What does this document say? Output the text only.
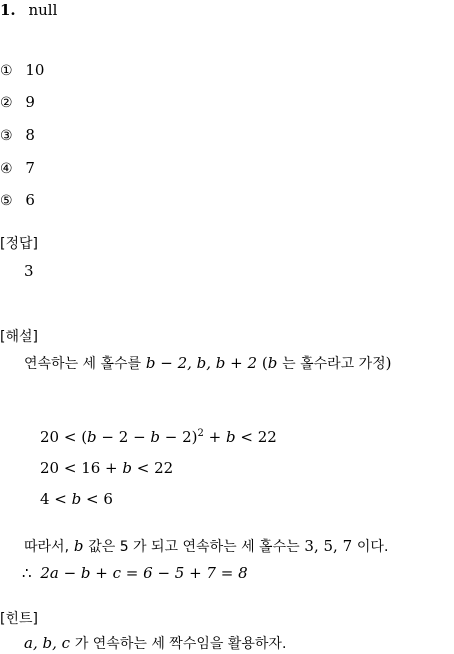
1. null
① 10
② 9
③ 8
④ 7
⑤ 6
[정답]
3
[해설]
연속하는 세 홀수를 b − 2, b, b + 2 (b 는 홀수라고 가정)
$20 < (b - 2 - b - 2)^2 + b < 22$
20 < 16 + b < 22
4 < b < 6
따라서, b 값은 5 가 되고 연속하는 세 홀수는 3, 5, 7 이다.
∴ 2a − b + c = 6 − 5 + 7 = 8
[힌트]
a, b, c 가 연속하는 세 짝수임을 활용하자.
